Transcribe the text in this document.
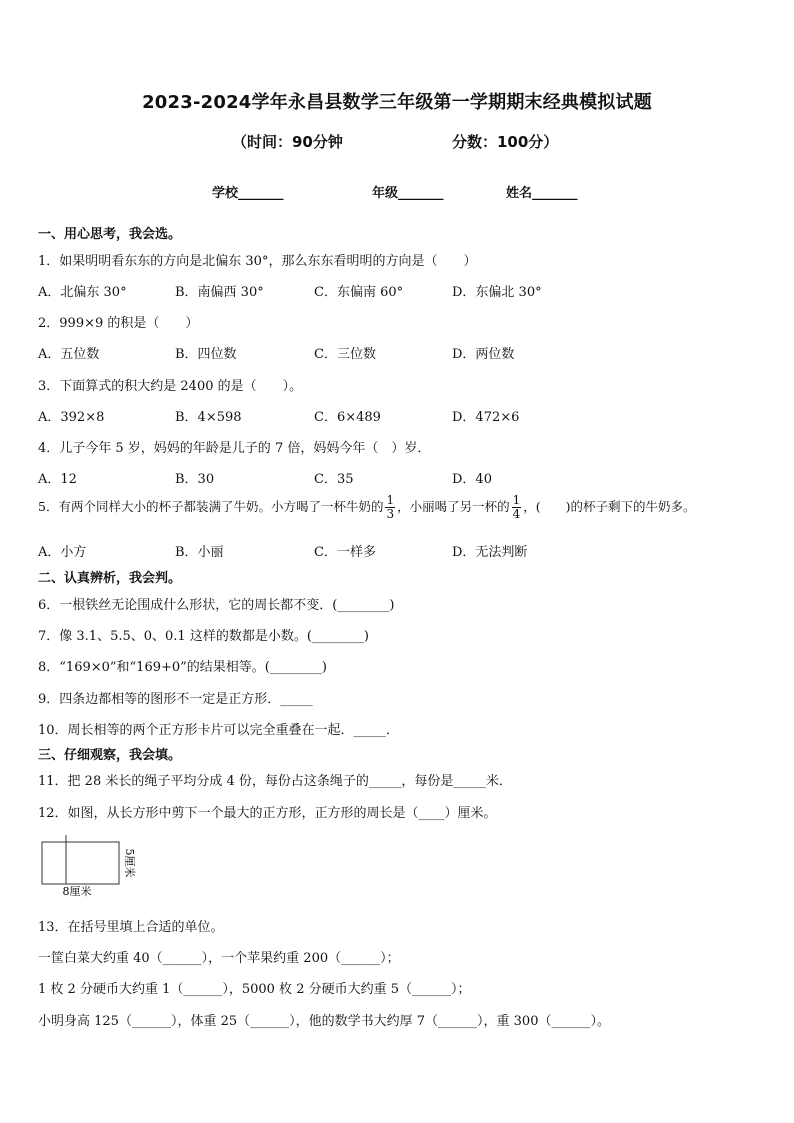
2023-2024学年永昌县数学三年级第一学期期末经典模拟试题
（时间：90分钟	分数：100分）
学校_______	年级_______	姓名_______
一、用心思考，我会选。
1．如果明明看东东的方向是北偏东 30°，那么东东看明明的方向是（　　）
A．北偏东 30°	B．南偏西 30°	C．东偏南 60°	D．东偏北 30°
2．999×9 的积是（　　）
A．五位数	B．四位数	C．三位数	D．两位数
3．下面算式的积大约是 2400 的是（　　）。
A．392×8	B．4×598	C．6×489	D．472×6
4．儿子今年 5 岁，妈妈的年龄是儿子的 7 倍，妈妈今年（　）岁．
A．12	B．30	C．35	D．40
5．有两个同样大小的杯子都装满了牛奶。小方喝了一杯牛奶的 $\frac{1}{3}$ ，小丽喝了另一杯的 $\frac{1}{4}$ ，(　　)的杯子剩下的牛奶多。
A．小方	B．小丽	C．一样多	D．无法判断
二、认真辨析，我会判。
6．一根铁丝无论围成什么形状，它的周长都不变．(________)
7．像 3.1、5.5、0、0.1 这样的数都是小数。(________)
8．“169×0”和“169+0”的结果相等。(________)
9．四条边都相等的图形不一定是正方形．_____
10．周长相等的两个正方形卡片可以完全重叠在一起．_____．
三、仔细观察，我会填。
11．把 28 米长的绳子平均分成 4 份，每份占这条绳子的_____，每份是_____米．
12．如图，从长方形中剪下一个最大的正方形，正方形的周长是（____）厘米。
5厘米
8厘米
13．在括号里填上合适的单位。
一筐白菜大约重 40（______），一个苹果约重 200（______）；
1 枚 2 分硬币大约重 1（______），5000 枚 2 分硬币大约重 5（______）；
小明身高 125（______），体重 25（______），他的数学书大约厚 7（______），重 300（______）。
